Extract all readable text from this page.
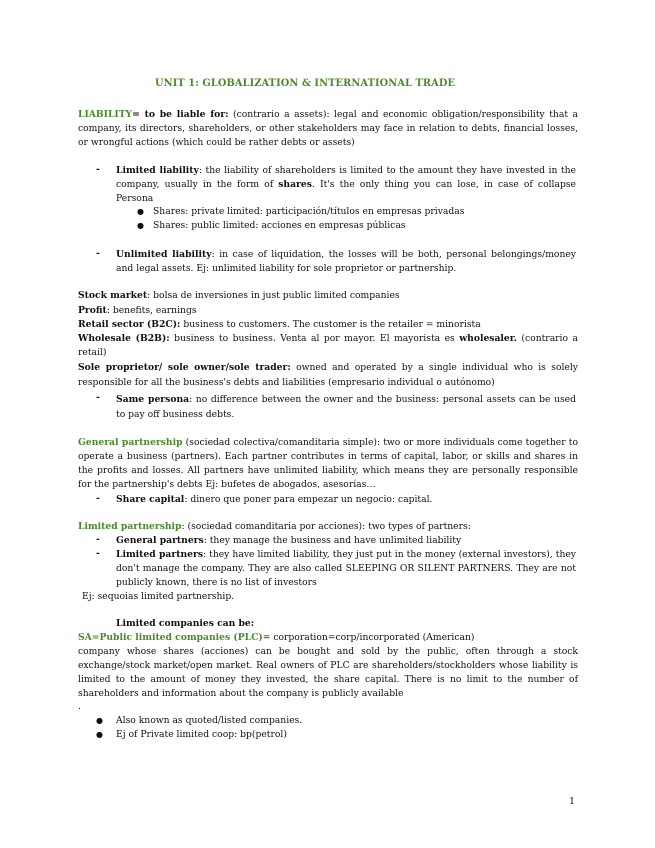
UNIT 1: GLOBALIZATION & INTERNATIONAL TRADE
LIABILITY= to be liable for: (contrario a assets): legal and economic obligation/responsibility that a company, its directors, shareholders, or other stakeholders may face in relation to debts, financial losses, or wrongful actions (which could be rather debts or assets)
- Limited liability: the liability of shareholders is limited to the amount they have invested in the company, usually in the form of shares. It's the only thing you can lose, in case of collapse Persona
● Shares: private limited: participación/títulos en empresas privadas
● Shares: public limited: acciones en empresas públicas
- Unlimited liability: in case of liquidation, the losses will be both, personal belongings/money and legal assets. Ej: unlimited liability for sole proprietor or partnership.
Stock market: bolsa de inversiones in just public limited companies
Profit: benefits, earnings
Retail sector (B2C): business to customers. The customer is the retailer = minorista
Wholesale (B2B): business to business. Venta al por mayor. El mayorista es wholesaler. (contrario a retail)
Sole proprietor/ sole owner/sole trader: owned and operated by a single individual who is solely responsible for all the business's debts and liabilities (empresario individual o autónomo)
- Same persona: no difference between the owner and the business: personal assets can be used to pay off business debts.
General partnership (sociedad colectiva/comanditaria simple): two or more individuals come together to operate a business (partners). Each partner contributes in terms of capital, labor, or skills and shares in the profits and losses. All partners have unlimited liability, which means they are personally responsible for the partnership's debts Ej: bufetes de abogados, asesorías…
- Share capital: dinero que poner para empezar un negocio: capital.
Limited partnership: (sociedad comanditaria por acciones): two types of partners:
- General partners: they manage the business and have unlimited liability
- Limited partners: they have limited liability, they just put in the money (external investors), they don't manage the company. They are also called SLEEPING OR SILENT PARTNERS. They are not publicly known, there is no list of investors
Ej: sequoias limited partnership.
Limited companies can be:
SA=Public limited companies (PLC)= corporation=corp/incorporated (American)
company whose shares (acciones) can be bought and sold by the public, often through a stock exchange/stock market/open market. Real owners of PLC are shareholders/stockholders whose liability is limited to the amount of money they invested, the share capital. There is no limit to the number of shareholders and information about the company is publicly available
.
● Also known as quoted/listed companies.
● Ej of Private limited coop: bp(petrol)
1
